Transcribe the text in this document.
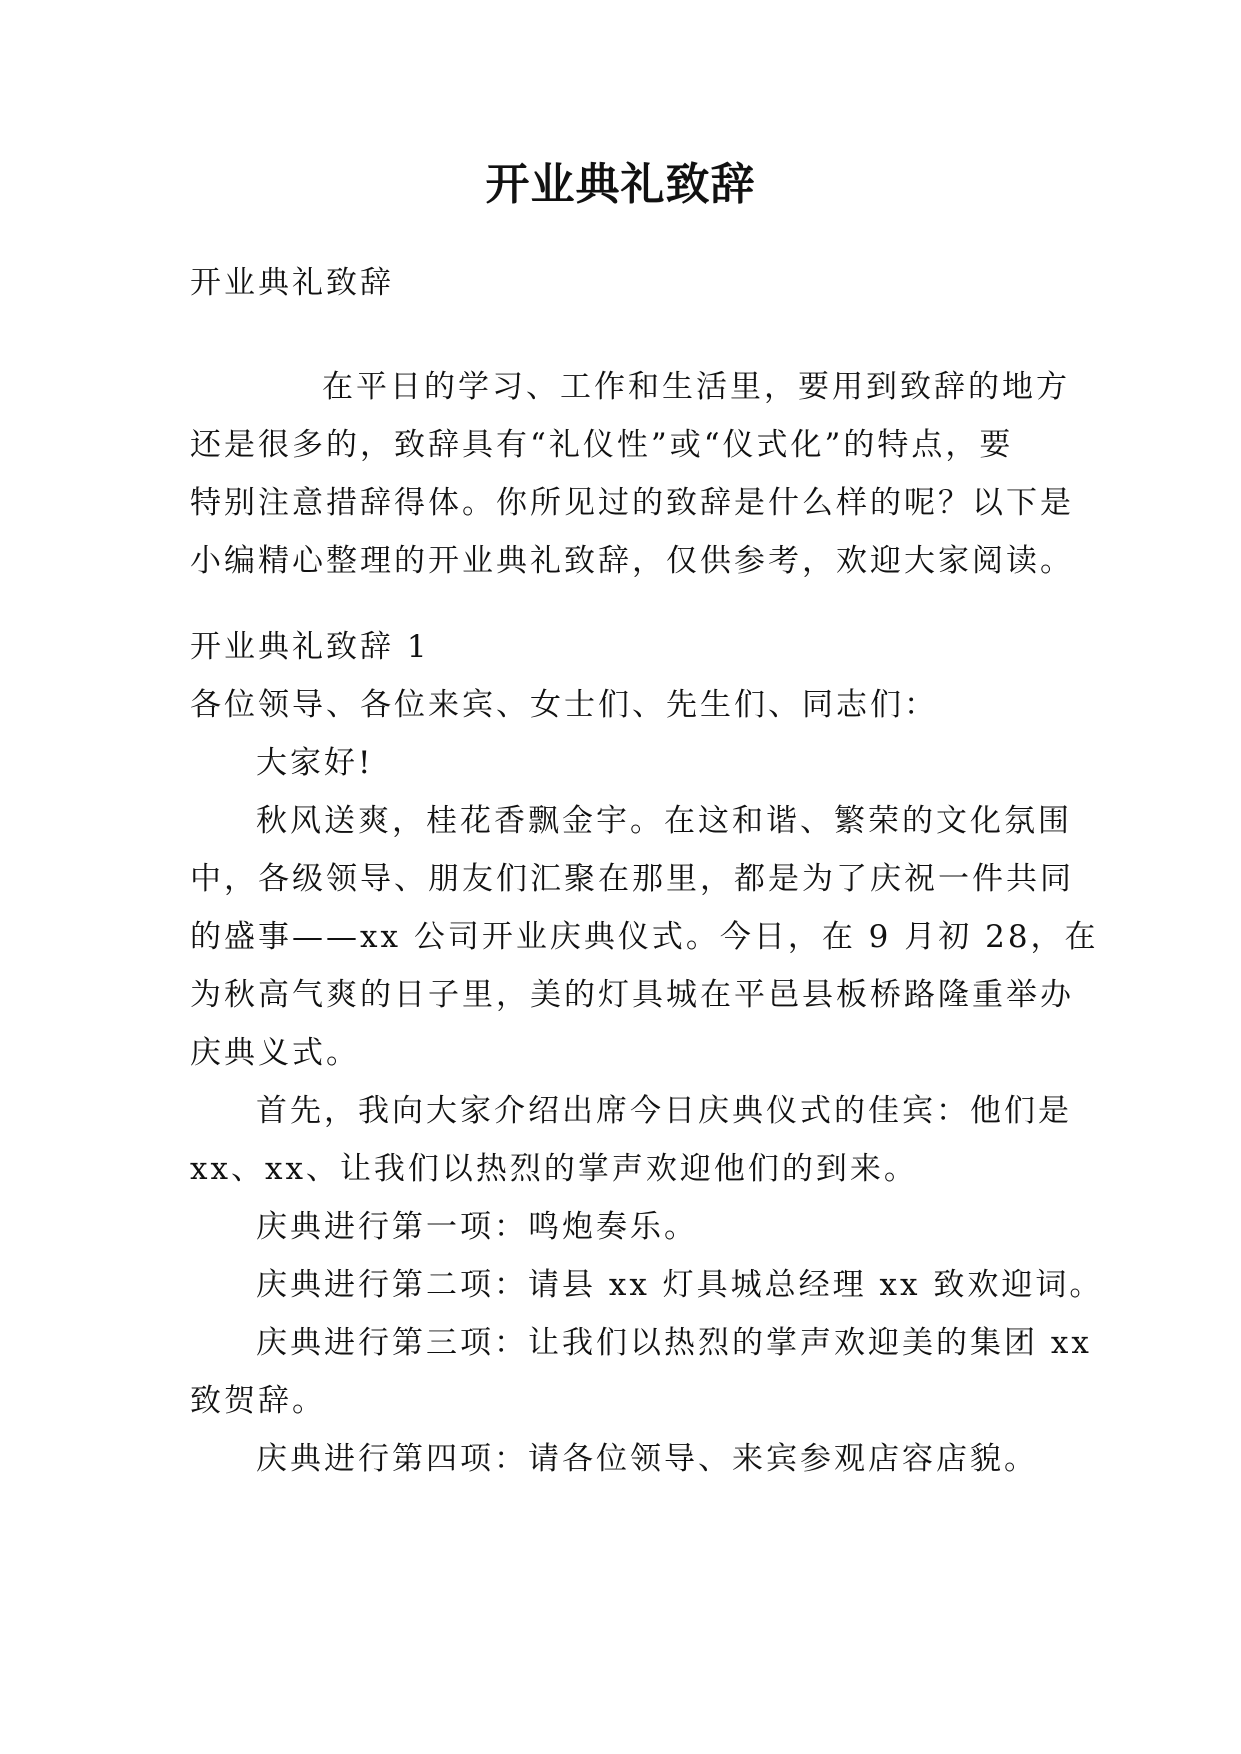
开业典礼致辞
开业典礼致辞
在平日的学习、工作和生活里，要用到致辞的地方
还是很多的，致辞具有“礼仪性”或“仪式化”的特点，要
特别注意措辞得体。你所见过的致辞是什么样的呢？以下是
小编精心整理的开业典礼致辞，仅供参考，欢迎大家阅读。
开业典礼致辞 1
各位领导、各位来宾、女士们、先生们、同志们：
大家好!
秋风送爽，桂花香飘金宇。在这和谐、繁荣的文化氛围
中，各级领导、朋友们汇聚在那里，都是为了庆祝一件共同
的盛事——xx 公司开业庆典仪式。今日，在 9 月初 28，在
为秋高气爽的日子里，美的灯具城在平邑县板桥路隆重举办
庆典义式。
首先，我向大家介绍出席今日庆典仪式的佳宾：他们是
xx、xx、让我们以热烈的掌声欢迎他们的到来。
庆典进行第一项：鸣炮奏乐。
庆典进行第二项：请县 xx 灯具城总经理 xx 致欢迎词。
庆典进行第三项：让我们以热烈的掌声欢迎美的集团 xx
致贺辞。
庆典进行第四项：请各位领导、来宾参观店容店貌。
